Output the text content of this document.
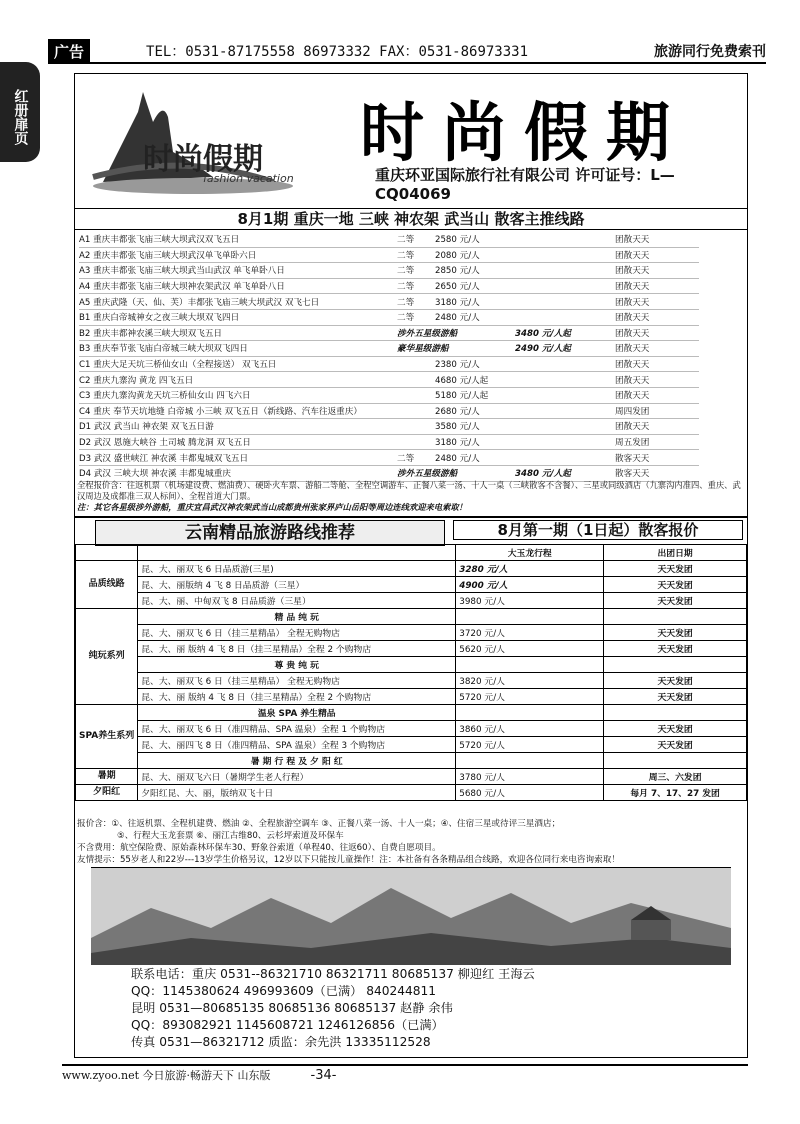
广告	TEL：0531-87175558 86973332 FAX：0531-86973331	旅游同行免费索刊
红册扉页
时尚假期
fashion vacation
时尚假期
重庆环亚国际旅行社有限公司 许可证号：L—CQ04069
8月1期 重庆一地 三峡 神农架 武当山 散客主推线路
A1 重庆丰都张飞庙三峡大坝武汉双飞五日	二等	2580 元/人	团散天天
A2 重庆丰都张飞庙三峡大坝武汉单飞单卧六日	二等	2080 元/人	团散天天
A3 重庆丰都张飞庙三峡大坝武当山武汉 单飞单卧八日	二等	2850 元/人	团散天天
A4 重庆丰都张飞庙三峡大坝神农架武汉 单飞单卧八日	二等	2650 元/人	团散天天
A5 重庆武隆（天、仙、芙）丰都张飞庙三峡大坝武汉 双飞七日	二等	3180 元/人	团散天天
B1 重庆白帝城神女之夜三峡大坝双飞四日	二等	2480 元/人	团散天天
B2 重庆丰都神农溪三峡大坝双飞五日	涉外五星级游船	3480 元/人起	团散天天
B3 重庆奉节张飞庙白帝城三峡大坝双飞四日	豪华星级游船	2490 元/人起	团散天天
C1 重庆大足天坑三桥仙女山（全程接送） 双飞五日	2380 元/人	团散天天
C2 重庆九寨沟 黄龙 四飞五日	4680 元/人起	团散天天
C3 重庆九寨沟黄龙天坑三桥仙女山 四飞六日	5180 元/人起	团散天天
C4 重庆 奉节天坑地缝 白帝城 小三峡 双飞五日（新线路、汽车往返重庆）	2680 元/人	周四发团
D1 武汉 武当山 神农架 双飞五日游	3580 元/人	团散天天
D2 武汉 恩施大峡谷 土司城 腾龙洞 双飞五日	3180 元/人	周五发团
D3 武汉 盛世峡江 神农溪 丰都鬼城双飞五日	二等	2480 元/人	散客天天
D4 武汉 三峡大坝 神农溪 丰都鬼城重庆	涉外五星级游船	3480 元/人起	散客天天
全程报价含：往返机票（机场建设费、燃油费）、硬卧火车票、游船二等舱、全程空调游车、正餐八菜一汤、十人一桌（三峡散客不含餐）、三星或同级酒店（九寨沟内准四、重庆、武汉周边及成都准三双人标间）、全程首道大门票。
注：其它各星级涉外游船，重庆宜昌武汉神农架武当山成都贵州张家界庐山岳阳等周边连线欢迎来电索取！
云南精品旅游路线推荐	8月第一期（1日起）散客报价
		大玉龙行程	出团日期
品质线路	昆、大、丽双飞 6 日品质游(三星)	3280 元/人	天天发团
	昆、大、丽版纳 4 飞 8 日品质游（三星）	4900 元/人	天天发团
	昆、大、丽、中甸双飞 8 日品质游（三星）	3980 元/人	天天发团
纯玩系列	精 品 纯 玩		
	昆、大、丽双飞 6 日（挂三星精品） 全程无购物店	3720 元/人	天天发团
	昆、大、丽 版纳 4 飞 8 日（挂三星精品）全程 2 个购物店	5620 元/人	天天发团
	尊 贵 纯 玩		
	昆、大、丽双飞 6 日（挂三星精品） 全程无购物店	3820 元/人	天天发团
	昆、大、丽 版纳 4 飞 8 日（挂三星精品）全程 2 个购物店	5720 元/人	天天发团
SPA养生系列	温泉 SPA 养生精品		
	昆、大、丽双飞 6 日（准四精品、SPA 温泉）全程 1 个购物店	3860 元/人	天天发团
	昆、大、丽四飞 8 日（准四精品、SPA 温泉）全程 3 个购物店	5720 元/人	天天发团
	暑 期 行 程 及 夕 阳 红		
暑期	昆、大、丽双飞六日（暑期学生老人行程）	3780 元/人	周三、六发团
夕阳红	夕阳红昆、大、丽，版纳双飞十日	5680 元/人	每月 7、17、27 发团
报价含：①、往返机票、全程机建费、燃油 ②、全程旅游空调车 ③、正餐八菜一汤、十人一桌；④、住宿三星或待评三星酒店；
⑤、行程大玉龙套票 ⑥、丽江古维80、云杉坪索道及环保车
不含费用：航空保险费、原始森林环保车30、野象谷索道（单程40、往返60）、自费自愿项目。
友情提示：55岁老人和22岁---13岁学生价格另议，12岁以下只能按儿童操作！注：本社备有各条精品组合线路，欢迎各位同行来电咨询索取！
联系电话：重庆 0531--86321710 86321711 80685137 柳迎红 王海云
QQ：1145380624 496993609（已满） 840244811
昆明 0531—80685135 80685136 80685137 赵静 余伟
QQ：893082921 1145608721 1246126856（已满）
传真 0531—86321712 质监：余先洪 13335112528
www.zyoo.net 今日旅游·畅游天下 山东版	-34-
